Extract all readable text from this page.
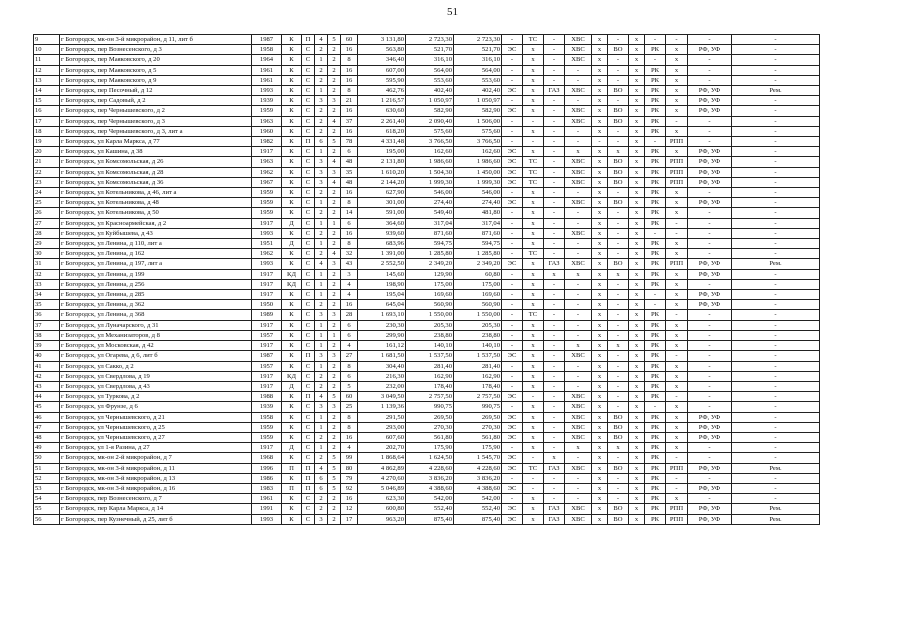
51
9	г Богородск, мк-он 3-й микрорайон, д 11, лит б	1987	К	П	4	5	60	3 131,80	2 723,30	2 723,30	-	ТС	-	ХВС	х	-	х	-	-	-	-
10	г Богородск, пер Вознесенского, д 3	1958	К	С	2	2	16	563,80	521,70	521,70	ЭС	х	-	ХВС	х	ВО	х	РК	х	РФ, УФ	-
11	г Богородск, пер Маяковского, д 20	1964	К	С	1	2	8	346,40	316,10	316,10	-	х	-	ХВС	х	-	х	-	х	-	-
12	г Богородск, пер Маяковского, д 5	1961	К	С	2	2	16	607,00	564,00	564,00	-	х	-	-	х	-	х	РК	х	-	-
13	г Богородск, пер Маяковского, д 9	1961	К	С	2	2	16	595,90	553,60	553,60	-	х	-	-	х	-	х	РК	х	-	-
14	г Богородск, пер Песочный, д 12	1993	К	С	1	2	8	462,76	402,40	402,40	ЭС	х	ГАЗ	ХВС	х	ВО	х	РК	х	РФ, УФ	Рем.
15	г Богородск, пер Садовый, д 2	1939	К	С	3	3	21	1 216,57	1 050,97	1 050,97	-	х	-	-	х	-	х	РК	х	РФ, УФ	-
16	г Богородск, пер Чернышевского, д 2	1959	К	С	2	2	16	630,60	582,90	582,90	ЭС	х	-	ХВС	х	ВО	х	РК	х	РФ, УФ	-
17	г Богородск, пер Чернышевского, д 3	1963	К	С	2	4	37	2 261,40	2 090,40	1 506,00	-	-	-	ХВС	х	ВО	х	РК	-	-	-
18	г Богородск, пер Чернышевского, д 3, лит а	1960	К	С	2	2	16	618,20	575,60	575,60	-	х	-	-	х	-	х	РК	х	-	-
19	г Богородск, ул Карла Маркса, д 77	1982	К	П	6	5	78	4 331,48	3 766,50	3 766,50	-	-	-	-	-	-	х	-	РПП	-	-
20	г Богородск, ул Кашина, д 38	1917	К	С	1	2	6	195,00	162,60	162,60	ЭС	х	-	х	х	х	х	РК	х	РФ, УФ	-
21	г Богородск, ул Комсомольская, д 26	1963	К	С	3	4	48	2 131,80	1 986,60	1 986,60	ЭС	ТС	-	ХВС	х	ВО	х	РК	РПП	РФ, УФ	-
22	г Богородск, ул Комсомольская, д 28	1962	К	С	3	3	35	1 610,20	1 504,30	1 450,00	ЭС	ТС	-	ХВС	х	ВО	х	РК	РПП	РФ, УФ	-
23	г Богородск, ул Комсомольская, д 36	1967	К	С	3	4	48	2 144,20	1 999,30	1 999,30	ЭС	ТС	-	ХВС	х	ВО	х	РК	РПП	РФ, УФ	-
24	г Богородск, ул Котельникова, д 46, лит а	1959	К	С	2	2	16	627,90	546,00	546,00	-	х	-	-	х	-	х	РК	х	-	-
25	г Богородск, ул Котельникова, д 48	1959	К	С	1	2	8	301,00	274,40	274,40	ЭС	х	-	ХВС	х	ВО	х	РК	х	РФ, УФ	-
26	г Богородск, ул Котельникова, д 50	1959	К	С	2	2	14	591,00	549,40	481,80	-	х	-	-	х	-	х	РК	х	-	-
27	г Богородск, ул Красноармейская, д 2	1917	Д	С	1	1	6	364,60	317,04	317,04	-	х	-	-	х	-	х	РК	-	-	-
28	г Богородск, ул Куйбышева, д 43	1993	К	С	2	2	16	939,60	871,60	871,60	-	х	-	ХВС	х	-	х	-	-	-	-
29	г Богородск, ул Ленина, д 110, лит а	1951	Д	С	1	2	8	683,96	594,75	594,75	-	х	-	-	х	-	х	РК	х	-	-
30	г Богородск, ул Ленина, д 162	1962	К	С	2	4	32	1 391,00	1 285,80	1 285,80	-	ТС	-	-	х	-	х	РК	х	-	-
31	г Богородск, ул Ленина, д 197, лит а	1993	К	С	4	3	43	2 552,50	2 349,20	2 349,20	ЭС	х	ГАЗ	ХВС	х	ВО	х	РК	РПП	РФ, УФ	Рем.
32	г Богородск, ул Ленина, д 199	1917	КД	С	1	2	3	145,60	129,90	60,80	-	х	х	х	х	х	х	РК	х	РФ, УФ	-
33	г Богородск, ул Ленина, д 256	1917	КД	С	1	2	4	198,90	175,00	175,00	-	х	-	-	х	-	х	РК	х	-	-
34	г Богородск, ул Ленина, д 285	1917	К	С	1	2	4	195,04	169,60	169,60	-	х	-	-	х	-	х	-	х	РФ, УФ	-
35	г Богородск, ул Ленина, д 362	1950	К	С	2	2	16	645,04	560,90	560,90	-	х	-	-	х	-	х	-	х	РФ, УФ	-
36	г Богородск, ул Ленина, д 368	1989	К	С	3	3	28	1 693,10	1 550,00	1 550,00	-	ТС	-	-	х	-	х	РК	-	-	-
37	г Богородск, ул Луначарского, д 31	1917	К	С	1	2	6	230,30	205,30	205,30	-	х	-	-	х	-	х	РК	х	-	-
38	г Богородск, ул Механизаторов, д 8	1957	К	С	1	1	6	299,90	238,80	238,80	-	х	-	-	х	-	х	РК	х	-	-
39	г Богородск, ул Московская, д 42	1917	К	С	1	2	4	161,12	140,10	140,10	-	х	-	х	х	х	х	РК	х	-	-
40	г Богородск, ул Огарева, д 6, лит б	1987	К	П	3	3	27	1 681,50	1 537,50	1 537,50	ЭС	х	-	ХВС	х	-	х	РК	-	-	-
41	г Богородск, ул Сакко, д 2	1957	К	С	1	2	8	304,40	281,40	281,40	-	х	-	-	х	-	х	РК	х	-	-
42	г Богородск, ул Свердлова, д 19	1917	КД	С	2	2	6	216,30	162,90	162,90	-	х	-	-	х	-	х	РК	х	-	-
43	г Богородск, ул Свердлова, д 43	1917	Д	С	2	2	5	232,00	178,40	178,40	-	х	-	-	х	-	х	РК	х	-	-
44	г Богородск, ул Туркова, д 2	1988	К	П	4	5	60	3 049,50	2 757,50	2 757,50	ЭС	-	-	ХВС	х	-	х	РК	-	-	-
45	г Богородск, ул Фрунзе, д 6	1939	К	С	3	3	25	1 139,36	990,75	990,75	-	х	-	ХВС	х	-	х	-	х	-	-
46	г Богородск, ул Чернышевского, д 21	1958	К	С	1	2	8	291,50	269,50	269,50	ЭС	х	-	ХВС	х	ВО	х	РК	х	РФ, УФ	-
47	г Богородск, ул Чернышевского, д 25	1959	К	С	1	2	8	293,00	270,30	270,30	ЭС	х	-	ХВС	х	ВО	х	РК	х	РФ, УФ	-
48	г Богородск, ул Чернышевского, д 27	1959	К	С	2	2	16	607,60	561,80	561,80	ЭС	х	-	ХВС	х	ВО	х	РК	х	РФ, УФ	-
49	г Богородск, ул 1-я Разина, д 27	1917	Д	С	1	2	4	202,70	175,90	175,90	-	х	-	х	х	х	х	РК	х	-	-
50	г Богородск, мк-он 2-й микрорайон, д 7	1968	К	С	2	5	99	1 868,64	1 624,50	1 545,70	ЭС	-	х	-	х	-	х	РК	-	-	-
51	г Богородск, мк-он 3-й микрорайон, д 11	1996	П	П	4	5	80	4 862,89	4 228,60	4 228,60	ЭС	ТС	ГАЗ	ХВС	х	ВО	х	РК	РПП	РФ, УФ	Рем.
52	г Богородск, мк-он 3-й микрорайон, д 13	1986	К	П	6	5	79	4 270,60	3 836,20	3 836,20	-	-	-	-	х	-	х	РК	-	-	-
53	г Богородск, мк-он 3-й микрорайон, д 16	1983	П	П	6	5	92	5 046,89	4 388,60	4 388,60	ЭС	-	-	-	х	-	х	РК	-	РФ, УФ	-
54	г Богородск, пер Вознесенского, д 7	1961	К	С	2	2	16	623,30	542,00	542,00	-	х	-	-	х	-	х	РК	х	-	-
55	г Богородск, пер Карла Маркса, д 14	1991	К	С	2	2	12	600,80	552,40	552,40	ЭС	х	ГАЗ	ХВС	х	ВО	х	РК	РПП	РФ, УФ	Рем.
56	г Богородск, пер Кузнечный, д 25, лит б	1993	К	С	3	2	17	963,20	875,40	875,40	ЭС	х	ГАЗ	ХВС	х	ВО	х	РК	РПП	РФ, УФ	Рем.
